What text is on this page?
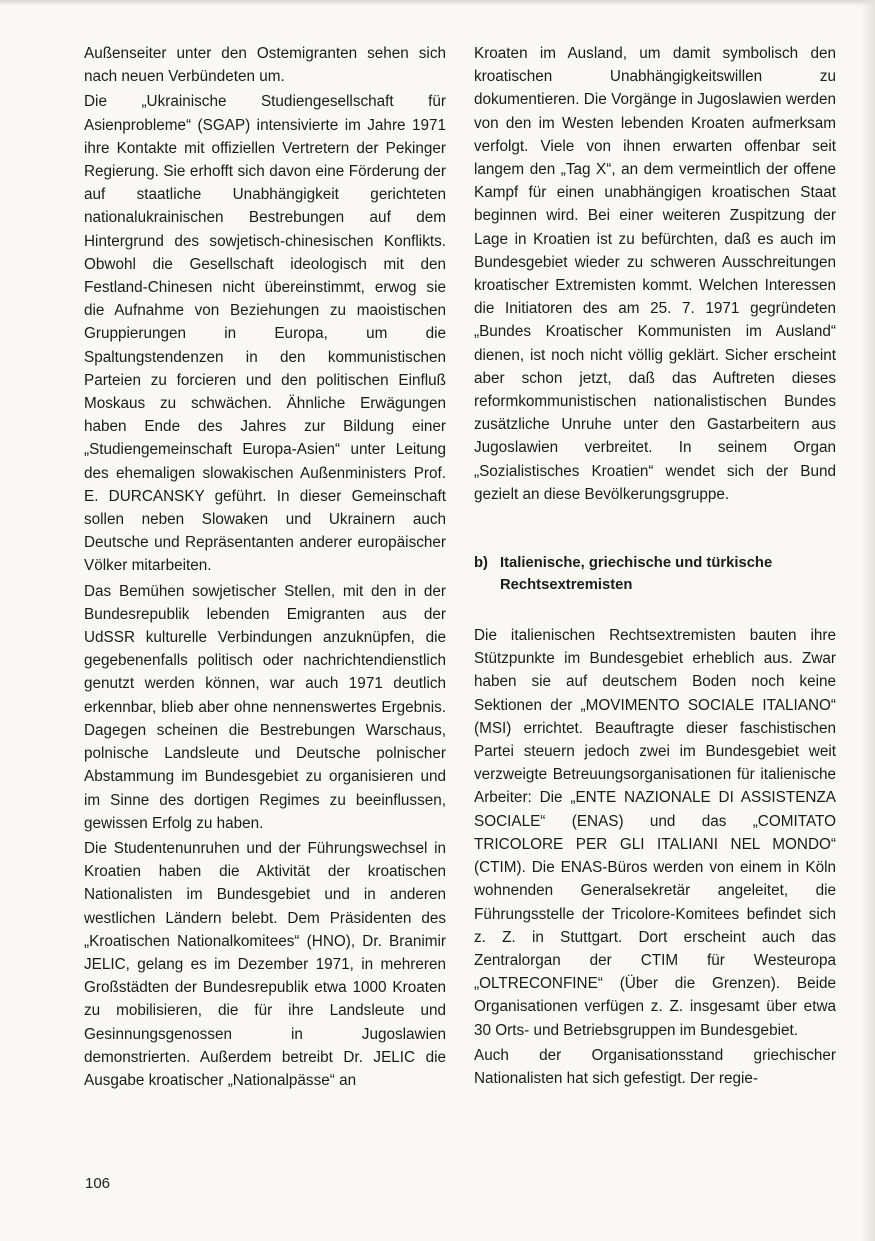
Außenseiter unter den Ostemigranten sehen sich nach neuen Verbündeten um.

Die „Ukrainische Studiengesellschaft für Asienprobleme“ (SGAP) intensivierte im Jahre 1971 ihre Kontakte mit offiziellen Vertretern der Pekinger Regierung. Sie erhofft sich davon eine Förderung der auf staatliche Unabhängigkeit gerichteten nationalukrainischen Bestrebungen auf dem Hintergrund des sowjetisch-chinesischen Konflikts. Obwohl die Gesellschaft ideologisch mit den Festland-Chinesen nicht übereinstimmt, erwog sie die Aufnahme von Beziehungen zu maoistischen Gruppierungen in Europa, um die Spaltungstendenzen in den kommunistischen Parteien zu forcieren und den politischen Einfluß Moskaus zu schwächen. Ähnliche Erwägungen haben Ende des Jahres zur Bildung einer „Studiengemeinschaft Europa-Asien“ unter Leitung des ehemaligen slowakischen Außenministers Prof. E. DURCANSKY geführt. In dieser Gemeinschaft sollen neben Slowaken und Ukrainern auch Deutsche und Repräsentanten anderer europäischer Völker mitarbeiten.

Das Bemühen sowjetischer Stellen, mit den in der Bundesrepublik lebenden Emigranten aus der UdSSR kulturelle Verbindungen anzuknüpfen, die gegebenenfalls politisch oder nachrichtendienstlich genutzt werden können, war auch 1971 deutlich erkennbar, blieb aber ohne nennenswertes Ergebnis. Dagegen scheinen die Bestrebungen Warschaus, polnische Landsleute und Deutsche polnischer Abstammung im Bundesgebiet zu organisieren und im Sinne des dortigen Regimes zu beeinflussen, gewissen Erfolg zu haben.

Die Studentenunruhen und der Führungswechsel in Kroatien haben die Aktivität der kroatischen Nationalisten im Bundesgebiet und in anderen westlichen Ländern belebt. Dem Präsidenten des „Kroatischen Nationalkomitees“ (HNO), Dr. Branimir JELIC, gelang es im Dezember 1971, in mehreren Großstädten der Bundesrepublik etwa 1000 Kroaten zu mobilisieren, die für ihre Landsleute und Gesinnungsgenossen in Jugoslawien demonstrierten. Außerdem betreibt Dr. JELIC die Ausgabe kroatischer „Nationalpässe“ an

Kroaten im Ausland, um damit symbolisch den kroatischen Unabhängigkeitswillen zu dokumentieren. Die Vorgänge in Jugoslawien werden von den im Westen lebenden Kroaten aufmerksam verfolgt. Viele von ihnen erwarten offenbar seit langem den „Tag X“, an dem vermeintlich der offene Kampf für einen unabhängigen kroatischen Staat beginnen wird. Bei einer weiteren Zuspitzung der Lage in Kroatien ist zu befürchten, daß es auch im Bundesgebiet wieder zu schweren Ausschreitungen kroatischer Extremisten kommt. Welchen Interessen die Initiatoren des am 25. 7. 1971 gegründeten „Bundes Kroatischer Kommunisten im Ausland“ dienen, ist noch nicht völlig geklärt. Sicher erscheint aber schon jetzt, daß das Auftreten dieses reformkommunistischen nationalistischen Bundes zusätzliche Unruhe unter den Gastarbeitern aus Jugoslawien verbreitet. In seinem Organ „Sozialistisches Kroatien“ wendet sich der Bund gezielt an diese Bevölkerungsgruppe.

b) Italienische, griechische und türkische Rechtsextremisten

Die italienischen Rechtsextremisten bauten ihre Stützpunkte im Bundesgebiet erheblich aus. Zwar haben sie auf deutschem Boden noch keine Sektionen der „MOVIMENTO SOCIALE ITALIANO“ (MSI) errichtet. Beauftragte dieser faschistischen Partei steuern jedoch zwei im Bundesgebiet weit verzweigte Betreuungsorganisationen für italienische Arbeiter: Die „ENTE NAZIONALE DI ASSISTENZA SOCIALE“ (ENAS) und das „COMITATO TRICOLORE PER GLI ITALIANI NEL MONDO“ (CTIM). Die ENAS-Büros werden von einem in Köln wohnenden Generalsekretär angeleitet, die Führungsstelle der Tricolore-Komitees befindet sich z. Z. in Stuttgart. Dort erscheint auch das Zentralorgan der CTIM für Westeuropa „OLTRECONFINE“ (Über die Grenzen). Beide Organisationen verfügen z. Z. insgesamt über etwa 30 Orts- und Betriebsgruppen im Bundesgebiet.

Auch der Organisationsstand griechischer Nationalisten hat sich gefestigt. Der regie-

106
